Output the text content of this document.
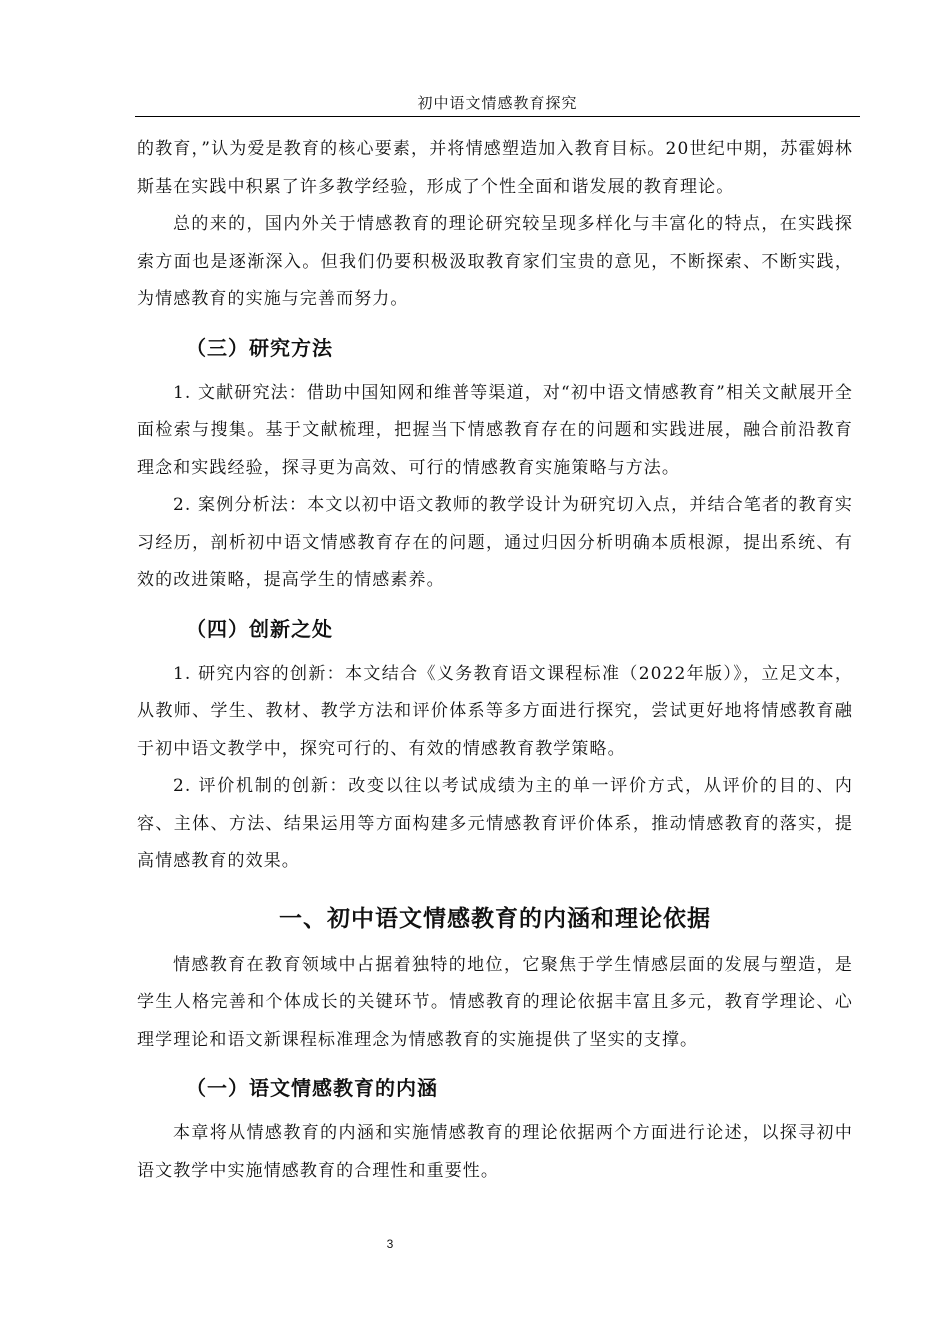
初中语文情感教育探究

的教育，”认为爱是教育的核心要素，并将情感塑造加入教育目标。20世纪中期，苏霍姆林斯基在实践中积累了许多教学经验，形成了个性全面和谐发展的教育理论。

总的来的，国内外关于情感教育的理论研究较呈现多样化与丰富化的特点，在实践探索方面也是逐渐深入。但我们仍要积极汲取教育家们宝贵的意见，不断探索、不断实践，为情感教育的实施与完善而努力。

（三）研究方法

1. 文献研究法：借助中国知网和维普等渠道，对“初中语文情感教育”相关文献展开全面检索与搜集。基于文献梳理，把握当下情感教育存在的问题和实践进展，融合前沿教育理念和实践经验，探寻更为高效、可行的情感教育实施策略与方法。

2. 案例分析法：本文以初中语文教师的教学设计为研究切入点，并结合笔者的教育实习经历，剖析初中语文情感教育存在的问题，通过归因分析明确本质根源，提出系统、有效的改进策略，提高学生的情感素养。

（四）创新之处

1. 研究内容的创新：本文结合《义务教育语文课程标准（2022年版）》，立足文本，从教师、学生、教材、教学方法和评价体系等多方面进行探究，尝试更好地将情感教育融于初中语文教学中，探究可行的、有效的情感教育教学策略。

2. 评价机制的创新：改变以往以考试成绩为主的单一评价方式，从评价的目的、内容、主体、方法、结果运用等方面构建多元情感教育评价体系，推动情感教育的落实，提高情感教育的效果。

一、初中语文情感教育的内涵和理论依据

情感教育在教育领域中占据着独特的地位，它聚焦于学生情感层面的发展与塑造，是学生人格完善和个体成长的关键环节。情感教育的理论依据丰富且多元，教育学理论、心理学理论和语文新课程标准理念为情感教育的实施提供了坚实的支撑。

（一）语文情感教育的内涵

本章将从情感教育的内涵和实施情感教育的理论依据两个方面进行论述，以探寻初中语文教学中实施情感教育的合理性和重要性。

3
